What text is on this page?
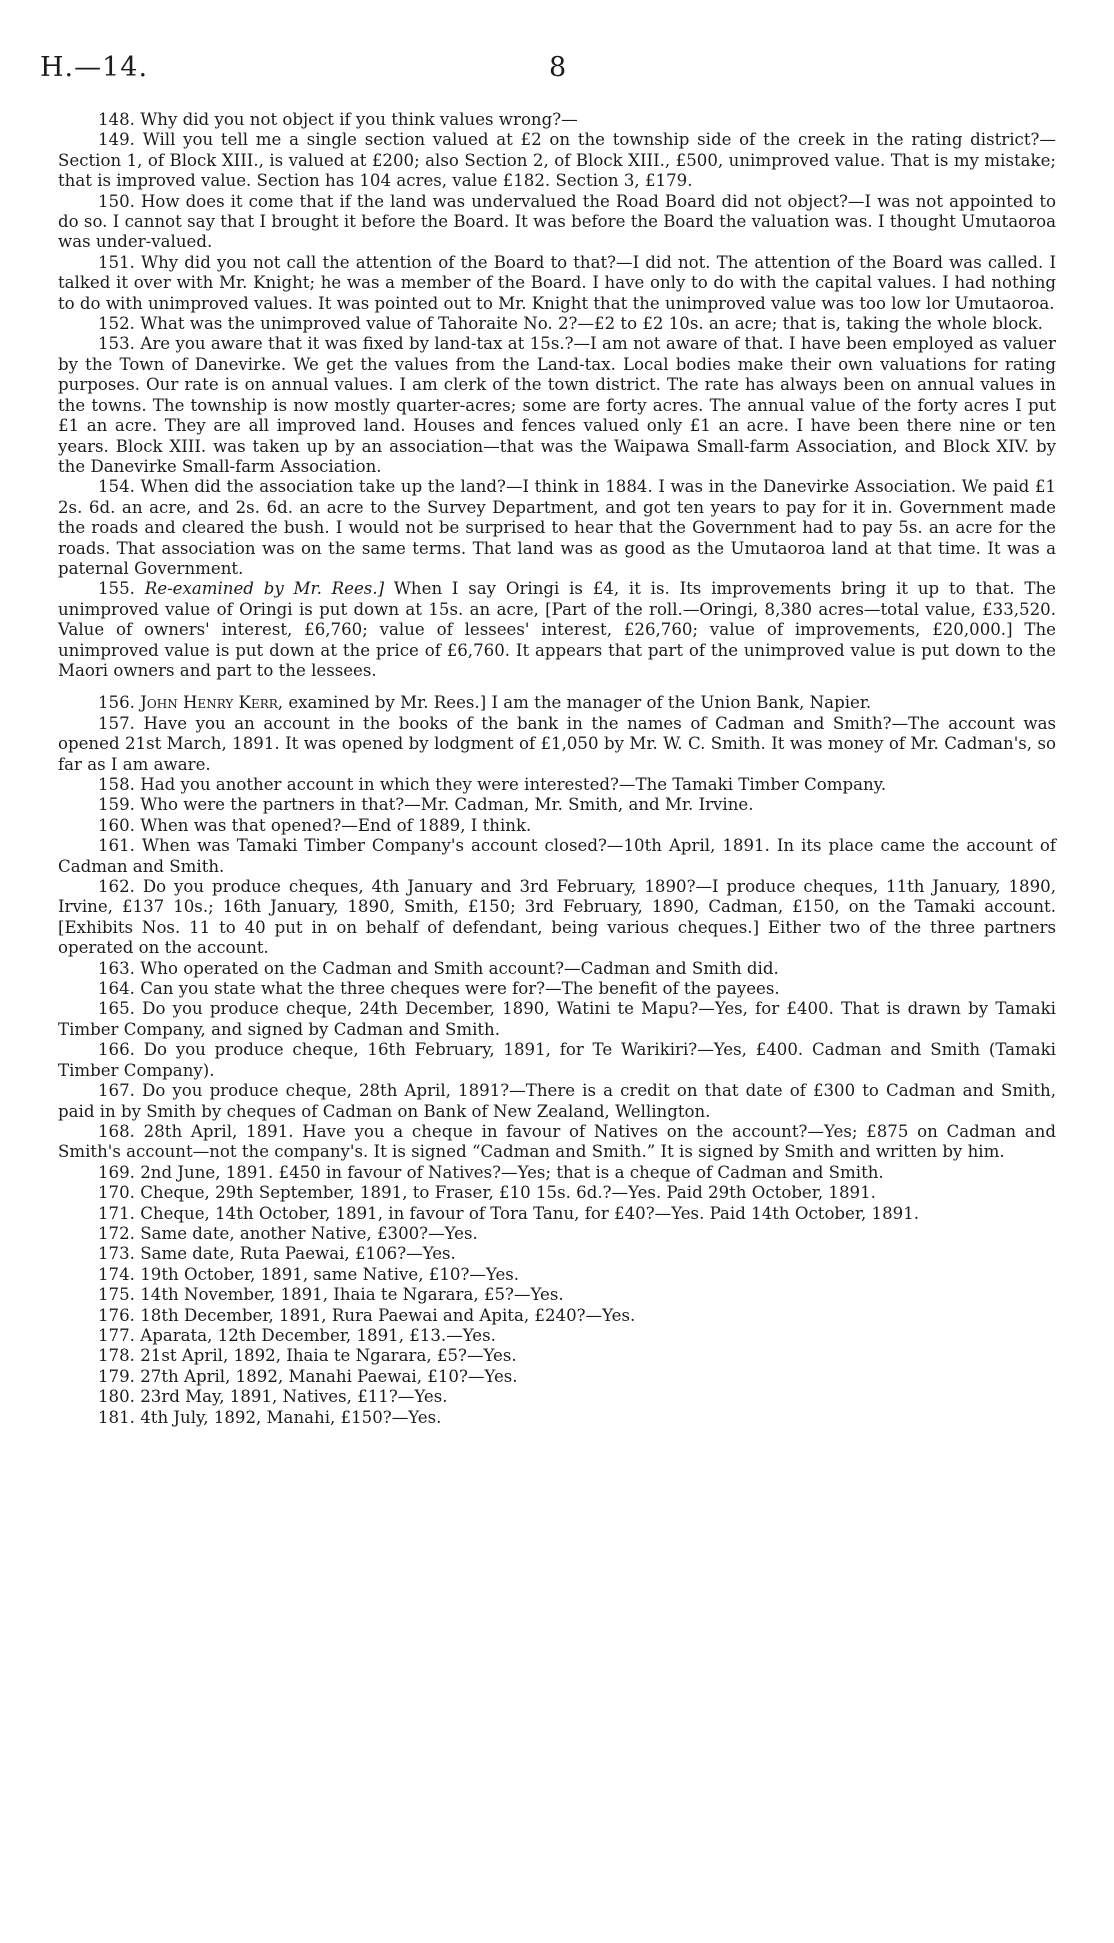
H.—14.	8

148. Why did you not object if you think values wrong?—

149. Will you tell me a single section valued at £2 on the township side of the creek in the rating district?—Section 1, of Block XIII., is valued at £200; also Section 2, of Block XIII., £500, unimproved value. That is my mistake; that is improved value. Section has 104 acres, value £182. Section 3, £179.

150. How does it come that if the land was undervalued the Road Board did not object?—I was not appointed to do so. I cannot say that I brought it before the Board. It was before the Board the valuation was. I thought Umutaoroa was under-valued.

151. Why did you not call the attention of the Board to that?—I did not. The attention of the Board was called. I talked it over with Mr. Knight; he was a member of the Board. I have only to do with the capital values. I had nothing to do with unimproved values. It was pointed out to Mr. Knight that the unimproved value was too low lor Umutaoroa.

152. What was the unimproved value of Tahoraite No. 2?—£2 to £2 10s. an acre; that is, taking the whole block.

153. Are you aware that it was fixed by land-tax at 15s.?—I am not aware of that. I have been employed as valuer by the Town of Danevirke. We get the values from the Land-tax. Local bodies make their own valuations for rating purposes. Our rate is on annual values. I am clerk of the town district. The rate has always been on annual values in the towns. The township is now mostly quarter-acres; some are forty acres. The annual value of the forty acres I put £1 an acre. They are all improved land. Houses and fences valued only £1 an acre. I have been there nine or ten years. Block XIII. was taken up by an association—that was the Waipawa Small-farm Association, and Block XIV. by the Danevirke Small-farm Association.

154. When did the association take up the land?—I think in 1884. I was in the Danevirke Association. We paid £1 2s. 6d. an acre, and 2s. 6d. an acre to the Survey Department, and got ten years to pay for it in. Government made the roads and cleared the bush. I would not be surprised to hear that the Government had to pay 5s. an acre for the roads. That association was on the same terms. That land was as good as the Umutaoroa land at that time. It was a paternal Government.

155. Re-examined by Mr. Rees.] When I say Oringi is £4, it is. Its improvements bring it up to that. The unimproved value of Oringi is put down at 15s. an acre, [Part of the roll.—Oringi, 8,380 acres—total value, £33,520. Value of owners' interest, £6,760; value of lessees' interest, £26,760; value of improvements, £20,000.] The unimproved value is put down at the price of £6,760. It appears that part of the unimproved value is put down to the Maori owners and part to the lessees.

156. John Henry Kerr, examined by Mr. Rees.] I am the manager of the Union Bank, Napier.

157. Have you an account in the books of the bank in the names of Cadman and Smith?—The account was opened 21st March, 1891. It was opened by lodgment of £1,050 by Mr. W. C. Smith. It was money of Mr. Cadman's, so far as I am aware.

158. Had you another account in which they were interested?—The Tamaki Timber Company.

159. Who were the partners in that?—Mr. Cadman, Mr. Smith, and Mr. Irvine.

160. When was that opened?—End of 1889, I think.

161. When was Tamaki Timber Company's account closed?—10th April, 1891. In its place came the account of Cadman and Smith.

162. Do you produce cheques, 4th January and 3rd February, 1890?—I produce cheques, 11th January, 1890, Irvine, £137 10s.; 16th January, 1890, Smith, £150; 3rd February, 1890, Cadman, £150, on the Tamaki account. [Exhibits Nos. 11 to 40 put in on behalf of defendant, being various cheques.] Either two of the three partners operated on the account.

163. Who operated on the Cadman and Smith account?—Cadman and Smith did.

164. Can you state what the three cheques were for?—The benefit of the payees.

165. Do you produce cheque, 24th December, 1890, Watini te Mapu?—Yes, for £400. That is drawn by Tamaki Timber Company, and signed by Cadman and Smith.

166. Do you produce cheque, 16th February, 1891, for Te Warikiri?—Yes, £400. Cadman and Smith (Tamaki Timber Company).

167. Do you produce cheque, 28th April, 1891?—There is a credit on that date of £300 to Cadman and Smith, paid in by Smith by cheques of Cadman on Bank of New Zealand, Wellington.

168. 28th April, 1891. Have you a cheque in favour of Natives on the account?—Yes; £875 on Cadman and Smith's account—not the company's. It is signed “Cadman and Smith.” It is signed by Smith and written by him.

169. 2nd June, 1891. £450 in favour of Natives?—Yes; that is a cheque of Cadman and Smith.

170. Cheque, 29th September, 1891, to Fraser, £10 15s. 6d.?—Yes. Paid 29th October, 1891.

171. Cheque, 14th October, 1891, in favour of Tora Tanu, for £40?—Yes. Paid 14th October, 1891.

172. Same date, another Native, £300?—Yes.

173. Same date, Ruta Paewai, £106?—Yes.

174. 19th October, 1891, same Native, £10?—Yes.

175. 14th November, 1891, Ihaia te Ngarara, £5?—Yes.

176. 18th December, 1891, Rura Paewai and Apita, £240?—Yes.

177. Aparata, 12th December, 1891, £13.—Yes.

178. 21st April, 1892, Ihaia te Ngarara, £5?—Yes.

179. 27th April, 1892, Manahi Paewai, £10?—Yes.

180. 23rd May, 1891, Natives, £11?—Yes.

181. 4th July, 1892, Manahi, £150?—Yes.
